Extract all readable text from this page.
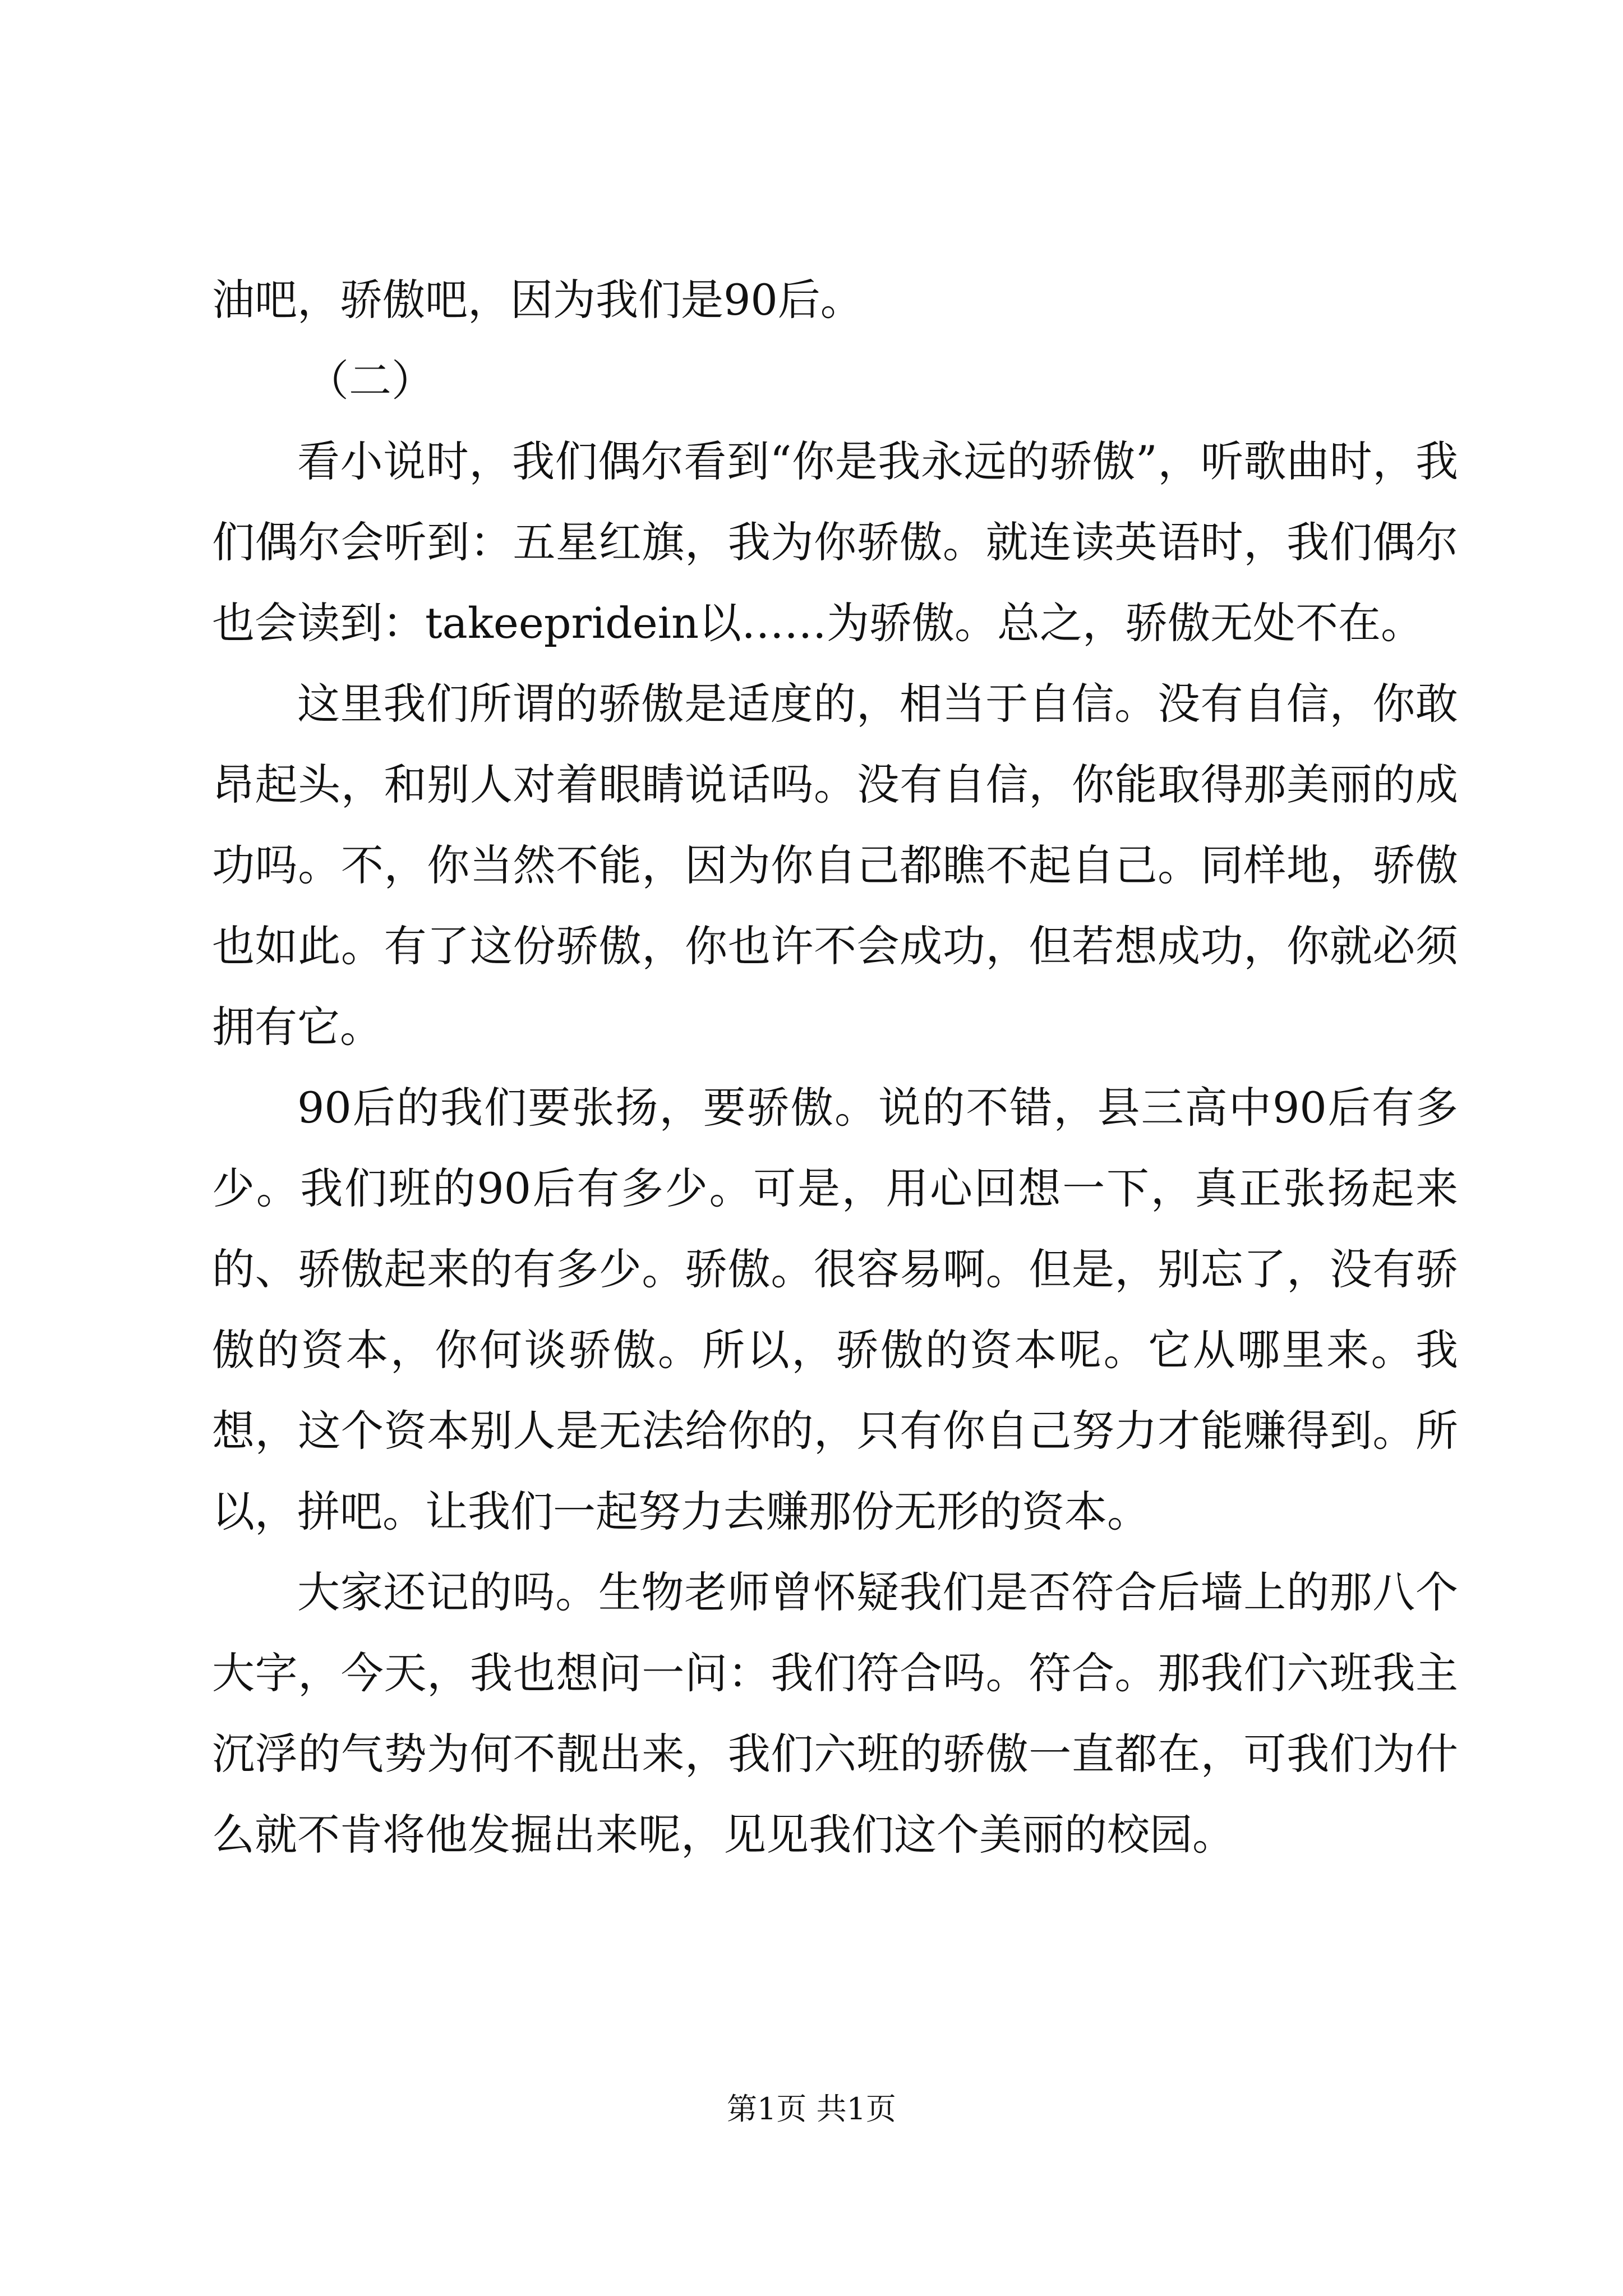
油吧，骄傲吧，因为我们是90后。

（二）

看小说时，我们偶尔看到“你是我永远的骄傲”，听歌曲时，我们偶尔会听到：五星红旗，我为你骄傲。就连读英语时，我们偶尔也会读到：takeepridein以……为骄傲。总之，骄傲无处不在。

这里我们所谓的骄傲是适度的，相当于自信。没有自信，你敢昂起头，和别人对着眼睛说话吗。没有自信，你能取得那美丽的成功吗。不，你当然不能，因为你自己都瞧不起自己。同样地，骄傲也如此。有了这份骄傲，你也许不会成功，但若想成功，你就必须拥有它。

90后的我们要张扬，要骄傲。说的不错，县三高中90后有多少。我们班的90后有多少。可是，用心回想一下，真正张扬起来的、骄傲起来的有多少。骄傲。很容易啊。但是，别忘了，没有骄傲的资本，你何谈骄傲。所以，骄傲的资本呢。它从哪里来。我想，这个资本别人是无法给你的，只有你自己努力才能赚得到。所以，拼吧。让我们一起努力去赚那份无形的资本。

大家还记的吗。生物老师曾怀疑我们是否符合后墙上的那八个大字，今天，我也想问一问：我们符合吗。符合。那我们六班我主沉浮的气势为何不靓出来，我们六班的骄傲一直都在，可我们为什么就不肯将他发掘出来呢，见见我们这个美丽的校园。

第1页 共1页
